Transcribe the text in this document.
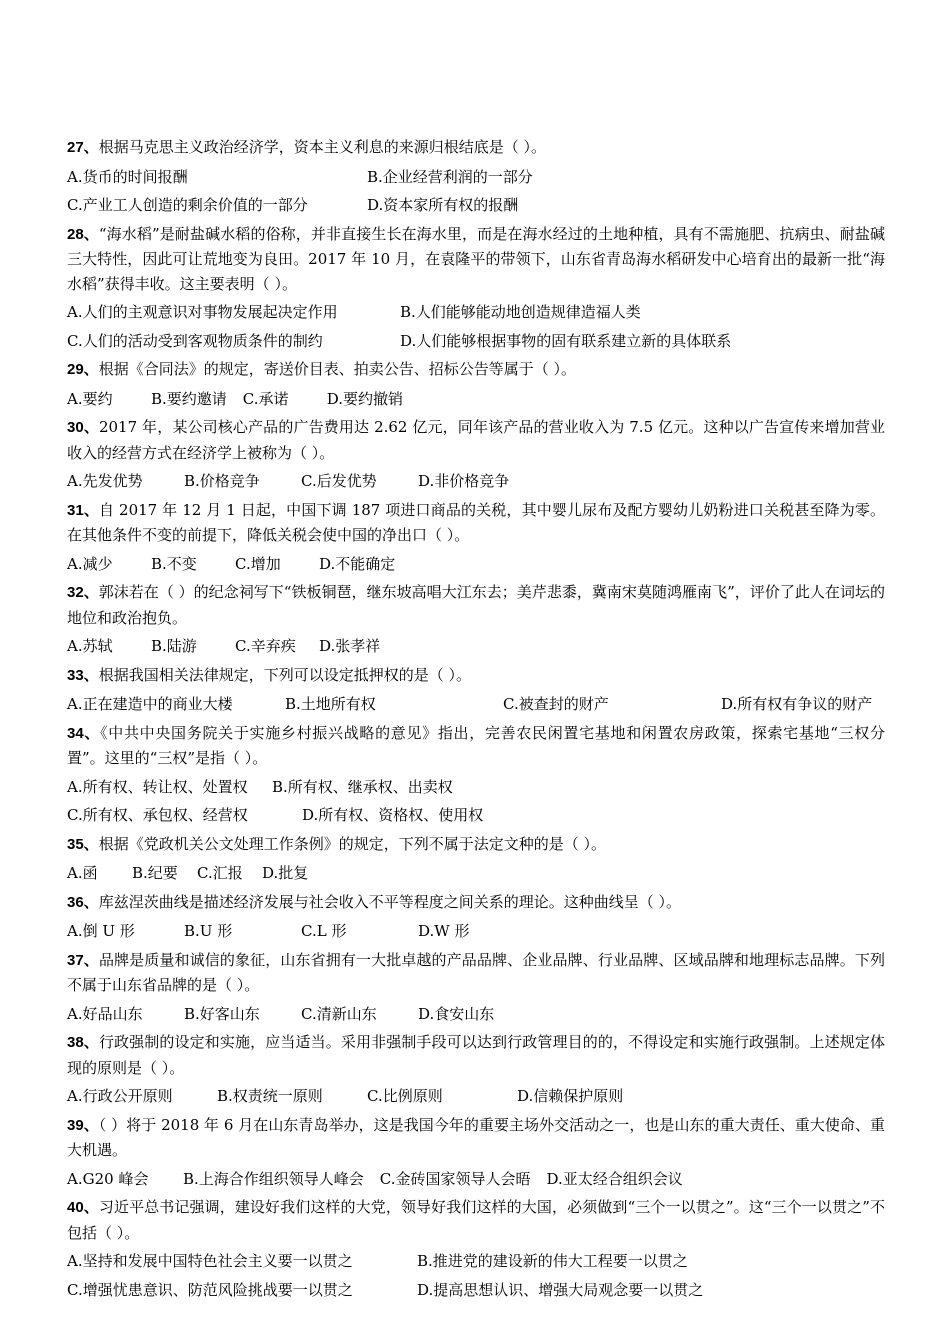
27、根据马克思主义政治经济学，资本主义利息的来源归根结底是（ ）。
A.货币的时间报酬	B.企业经营利润的一部分
C.产业工人创造的剩余价值的一部分	D.资本家所有权的报酬
28、“海水稻”是耐盐碱水稻的俗称，并非直接生长在海水里，而是在海水经过的土地种植，具有不需施肥、抗病虫、耐盐碱三大特性，因此可让荒地变为良田。2017 年 10 月，在袁隆平的带领下，山东省青岛海水稻研发中心培育出的最新一批“海水稻”获得丰收。这主要表明（ ）。
A.人们的主观意识对事物发展起决定作用	B.人们能够能动地创造规律造福人类
C.人们的活动受到客观物质条件的制约	D.人们能够根据事物的固有联系建立新的具体联系
29、根据《合同法》的规定，寄送价目表、拍卖公告、招标公告等属于（ ）。
A.要约	B.要约邀请 C.承诺	D.要约撤销
30、2017 年，某公司核心产品的广告费用达 2.62 亿元，同年该产品的营业收入为 7.5 亿元。这种以广告宣传来增加营业收入的经营方式在经济学上被称为（ ）。
A.先发优势	B.价格竞争	C.后发优势	D.非价格竞争
31、自 2017 年 12 月 1 日起，中国下调 187 项进口商品的关税，其中婴儿尿布及配方婴幼儿奶粉进口关税甚至降为零。在其他条件不变的前提下，降低关税会使中国的净出口（ ）。
A.减少	B.不变	C.增加	D.不能确定
32、郭沫若在（ ）的纪念祠写下“铁板铜琶，继东坡高唱大江东去；美芹悲黍，冀南宋莫随鸿雁南飞”，评价了此人在词坛的地位和政治抱负。
A.苏轼	B.陆游	C.辛弃疾 D.张孝祥
33、根据我国相关法律规定，下列可以设定抵押权的是（ ）。
A.正在建造中的商业大楼	B.土地所有权	C.被查封的财产	D.所有权有争议的财产
34、《中共中央国务院关于实施乡村振兴战略的意见》指出，完善农民闲置宅基地和闲置农房政策，探索宅基地“三权分置”。这里的“三权”是指（ ）。
A.所有权、转让权、处置权 B.所有权、继承权、出卖权
C.所有权、承包权、经营权	D.所有权、资格权、使用权
35、根据《党政机关公文处理工作条例》的规定，下列不属于法定文种的是（ ）。
A.函 B.纪要 C.汇报 D.批复
36、库兹涅茨曲线是描述经济发展与社会收入不平等程度之间关系的理论。这种曲线呈（ ）。
A.倒 U 形	B.U 形	C.L 形	D.W 形
37、品牌是质量和诚信的象征，山东省拥有一大批卓越的产品品牌、企业品牌、行业品牌、区域品牌和地理标志品牌。下列不属于山东省品牌的是（ ）。
A.好品山东	B.好客山东	C.清新山东	D.食安山东
38、行政强制的设定和实施，应当适当。采用非强制手段可以达到行政管理目的的，不得设定和实施行政强制。上述规定体现的原则是（ ）。
A.行政公开原则	B.权责统一原则	C.比例原则	D.信赖保护原则
39、（ ）将于 2018 年 6 月在山东青岛举办，这是我国今年的重要主场外交活动之一，也是山东的重大责任、重大使命、重大机遇。
A.G20 峰会 B.上海合作组织领导人峰会 C.金砖国家领导人会晤 D.亚太经合组织会议
40、习近平总书记强调，建设好我们这样的大党，领导好我们这样的大国，必须做到“三个一以贯之”。这“三个一以贯之”不包括（ ）。
A.坚持和发展中国特色社会主义要一以贯之	B.推进党的建设新的伟大工程要一以贯之
C.增强忧患意识、防范风险挑战要一以贯之	D.提高思想认识、增强大局观念要一以贯之
